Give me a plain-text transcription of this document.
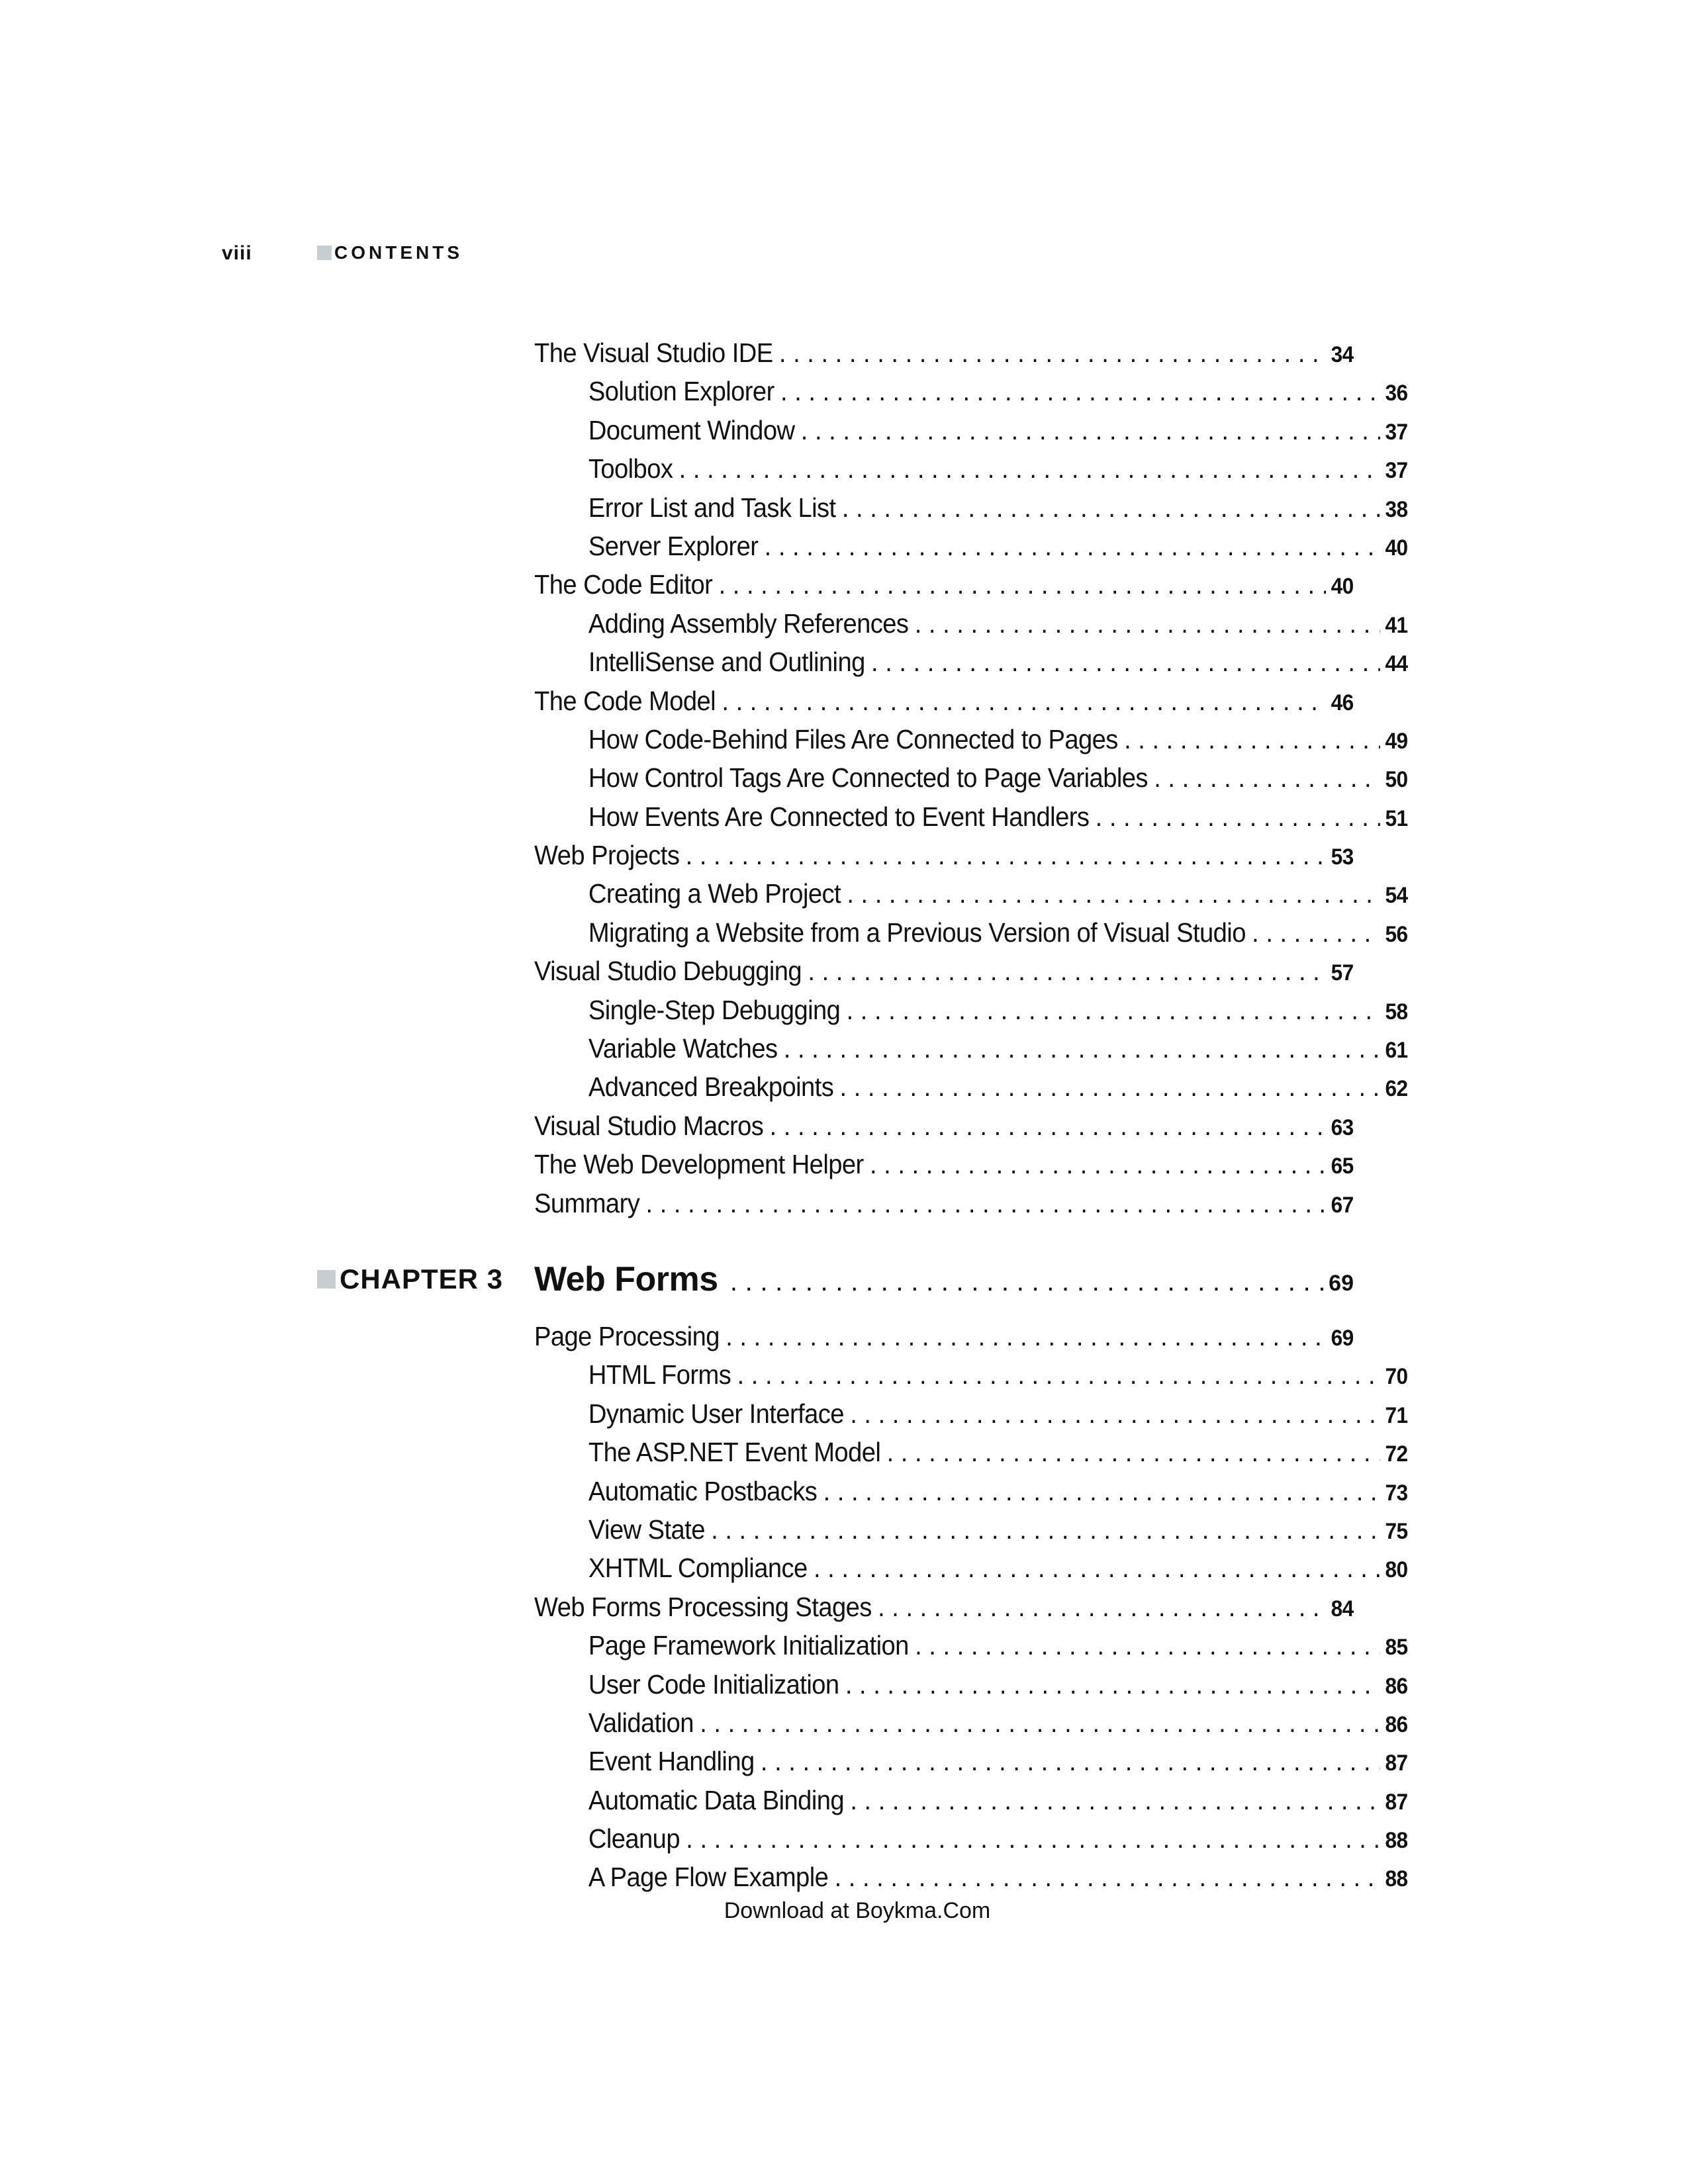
viii	CONTENTS
The Visual Studio IDE . . .	34
Solution Explorer . . .	36
Document Window . . .	37
Toolbox . . .	37
Error List and Task List . . .	38
Server Explorer . . .	40
The Code Editor . . .	40
Adding Assembly References . . .	41
IntelliSense and Outlining . . .	44
The Code Model . . .	46
How Code-Behind Files Are Connected to Pages . . .	49
How Control Tags Are Connected to Page Variables . . .	50
How Events Are Connected to Event Handlers . . .	51
Web Projects . . .	53
Creating a Web Project . . .	54
Migrating a Website from a Previous Version of Visual Studio . . .	56
Visual Studio Debugging . . .	57
Single-Step Debugging . . .	58
Variable Watches . . .	61
Advanced Breakpoints . . .	62
Visual Studio Macros . . .	63
The Web Development Helper . . .	65
Summary . . .	67
CHAPTER 3 Web Forms . . .	69
Page Processing . . .	69
HTML Forms . . .	70
Dynamic User Interface . . .	71
The ASP.NET Event Model . . .	72
Automatic Postbacks . . .	73
View State . . .	75
XHTML Compliance . . .	80
Web Forms Processing Stages . . .	84
Page Framework Initialization . . .	85
User Code Initialization . . .	86
Validation . . .	86
Event Handling . . .	87
Automatic Data Binding . . .	87
Cleanup . . .	88
A Page Flow Example . . .	88
Download at Boykma.Com
